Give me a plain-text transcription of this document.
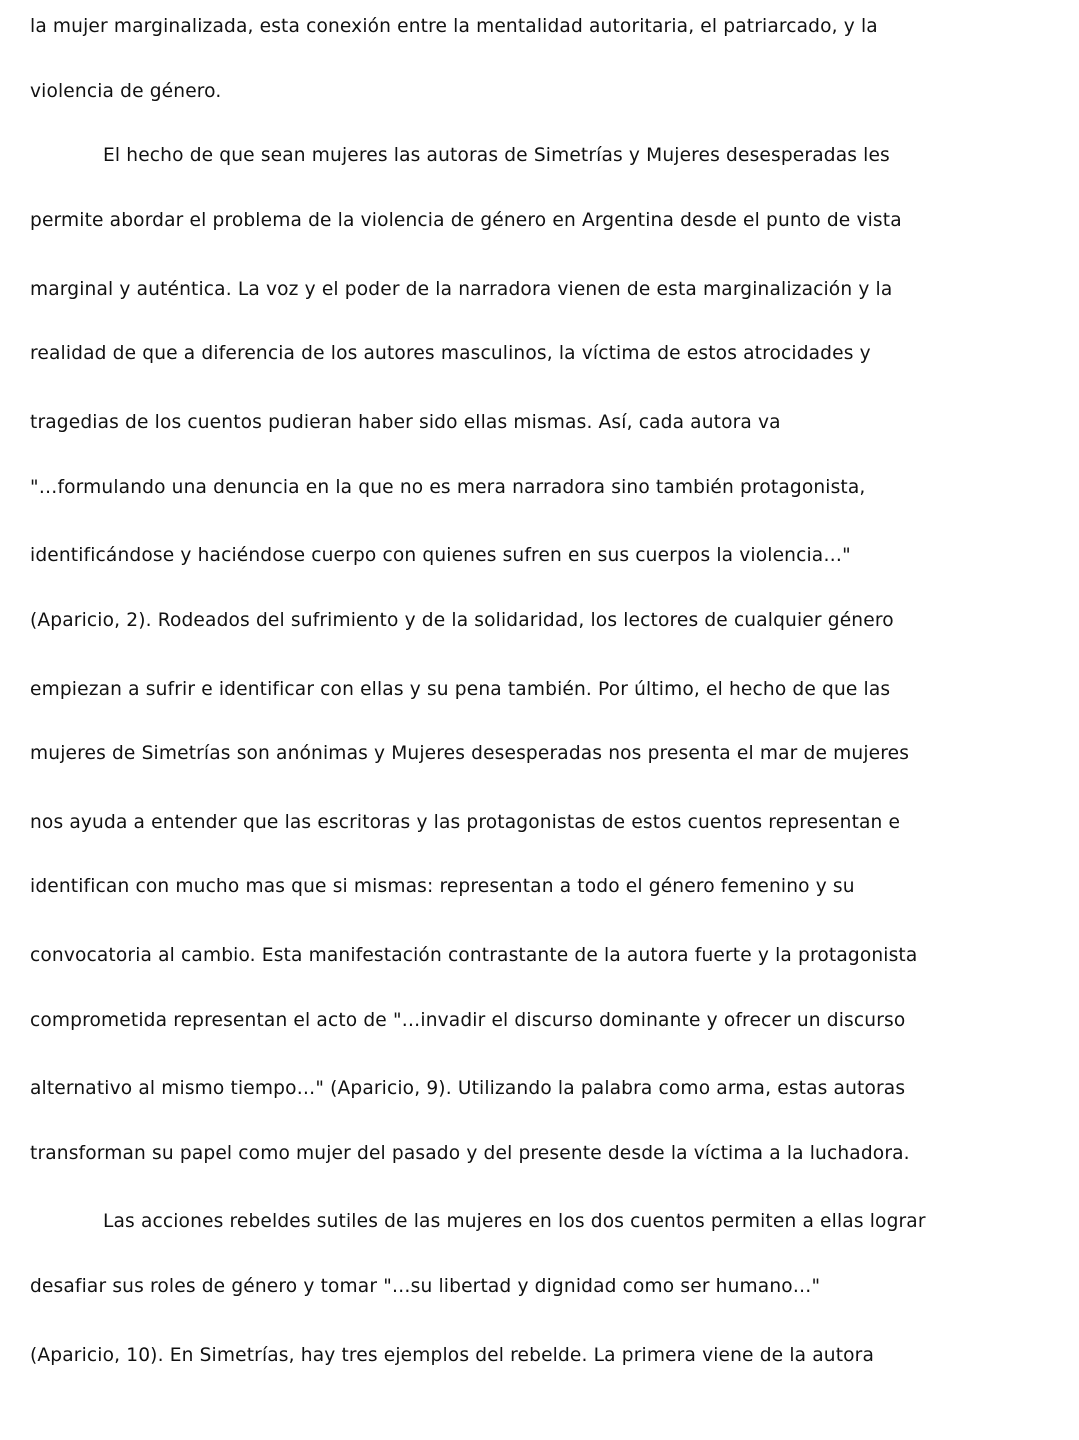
la mujer marginalizada, esta conexión entre la mentalidad autoritaria, el patriarcado, y la
violencia de género.
El hecho de que sean mujeres las autoras de Simetrías y Mujeres desesperadas les
permite abordar el problema de la violencia de género en Argentina desde el punto de vista
marginal y auténtica. La voz y el poder de la narradora vienen de esta marginalización y la
realidad de que a diferencia de los autores masculinos, la víctima de estos atrocidades y
tragedias de los cuentos pudieran haber sido ellas mismas. Así, cada autora va
"…formulando una denuncia en la que no es mera narradora sino también protagonista,
identificándose y haciéndose cuerpo con quienes sufren en sus cuerpos la violencia…"
(Aparicio, 2). Rodeados del sufrimiento y de la solidaridad, los lectores de cualquier género
empiezan a sufrir e identificar con ellas y su pena también. Por último, el hecho de que las
mujeres de Simetrías son anónimas y Mujeres desesperadas nos presenta el mar de mujeres
nos ayuda a entender que las escritoras y las protagonistas de estos cuentos representan e
identifican con mucho mas que si mismas: representan a todo el género femenino y su
convocatoria al cambio. Esta manifestación contrastante de la autora fuerte y la protagonista
comprometida representan el acto de "…invadir el discurso dominante y ofrecer un discurso
alternativo al mismo tiempo…" (Aparicio, 9). Utilizando la palabra como arma, estas autoras
transforman su papel como mujer del pasado y del presente desde la víctima a la luchadora.
Las acciones rebeldes sutiles de las mujeres en los dos cuentos permiten a ellas lograr
desafiar sus roles de género y tomar "…su libertad y dignidad como ser humano…"
(Aparicio, 10). En Simetrías, hay tres ejemplos del rebelde. La primera viene de la autora
